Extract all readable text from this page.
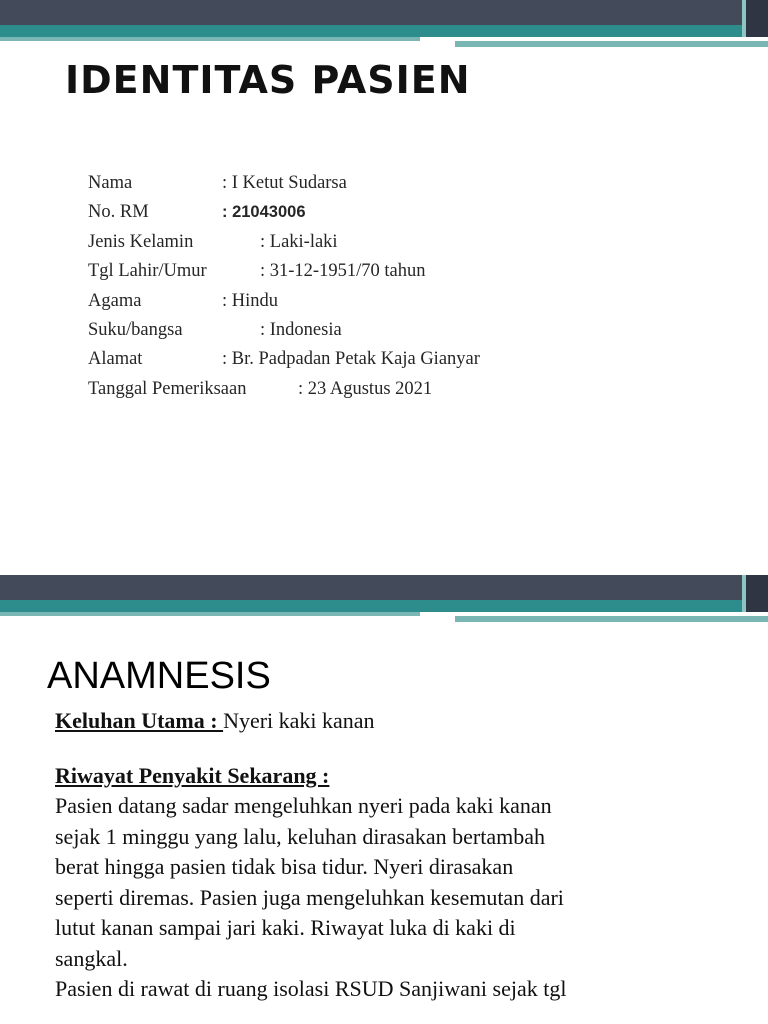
IDENTITAS PASIEN
Nama	: I Ketut Sudarsa
No. RM	: 21043006
Jenis Kelamin	: Laki-laki
Tgl Lahir/Umur	: 31-12-1951/70 tahun
Agama	: Hindu
Suku/bangsa	: Indonesia
Alamat	: Br. Padpadan Petak Kaja Gianyar
Tanggal Pemeriksaan	: 23 Agustus 2021
ANAMNESIS
Keluhan Utama : Nyeri kaki kanan
Riwayat Penyakit Sekarang :
Pasien datang sadar mengeluhkan nyeri pada kaki kanan
sejak 1 minggu yang lalu, keluhan dirasakan bertambah
berat hingga pasien tidak bisa tidur. Nyeri dirasakan
seperti diremas. Pasien juga mengeluhkan kesemutan dari
lutut kanan sampai jari kaki. Riwayat luka di kaki di
sangkal.
Pasien di rawat di ruang isolasi RSUD Sanjiwani sejak tgl
